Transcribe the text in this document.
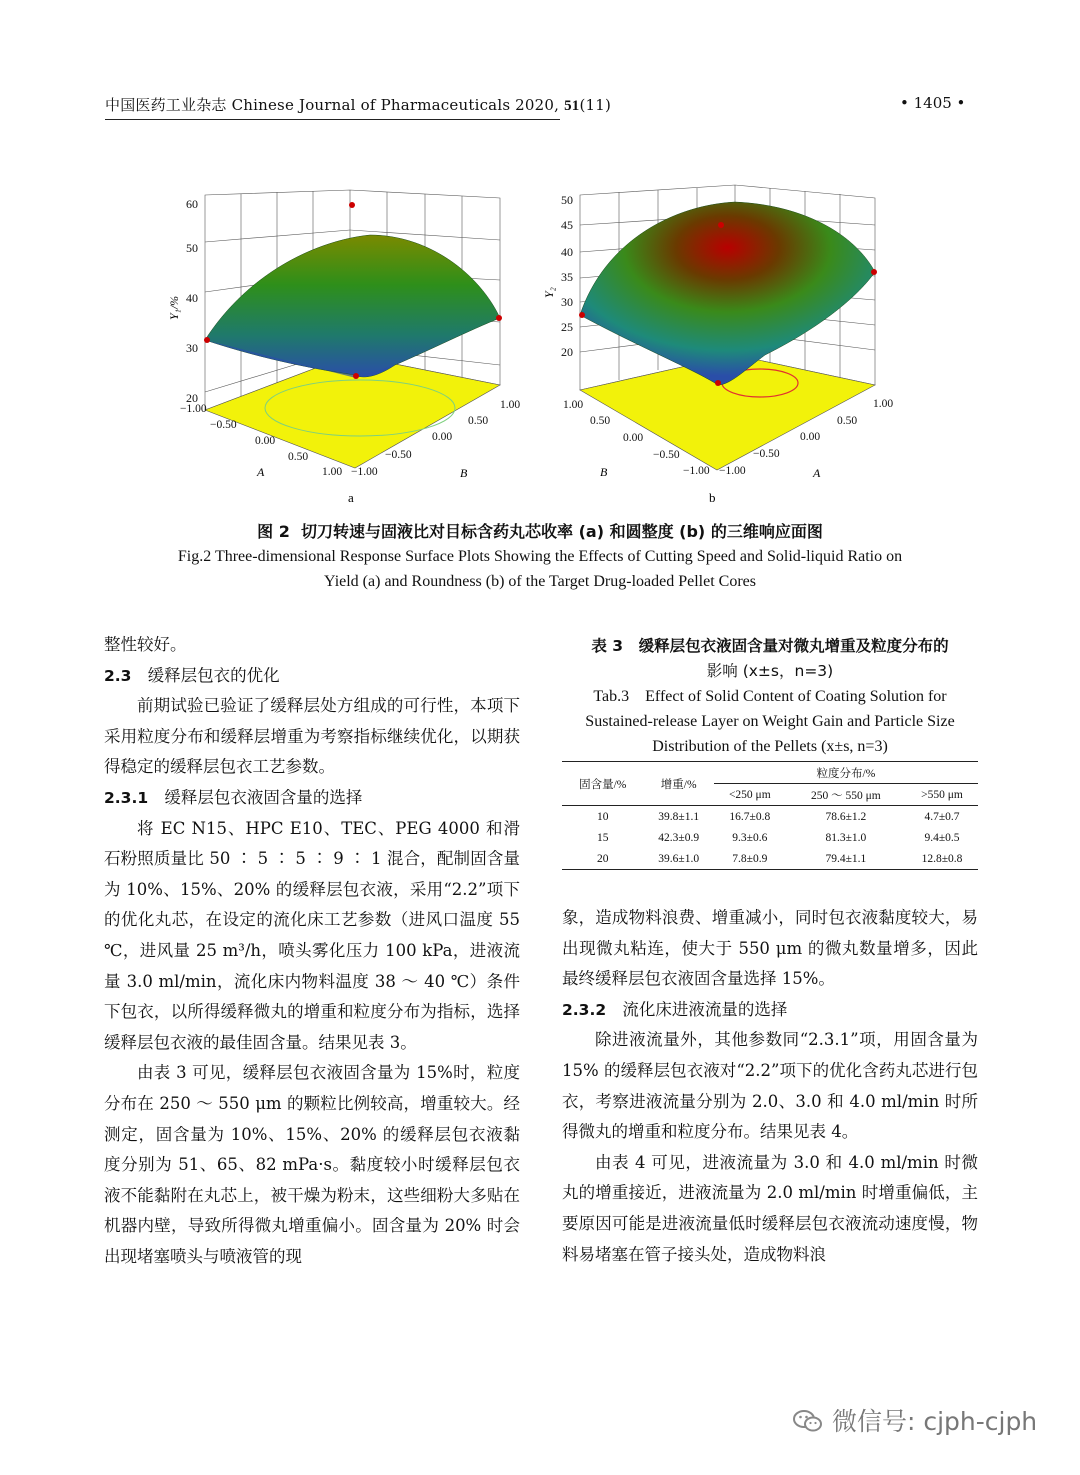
中国医药工业杂志 Chinese Journal of Pharmaceuticals 2020, 51(11)	• 1405 •
20
30
40
50
60
Y₁/%
−1.00
−0.50
0.00
0.50
1.00 −1.00
−0.50
0.00
0.50
1.00
A	B
a
20
25
30
35
40
45
50
Y₂
1.00
0.50
0.00
−0.50
−1.00 −1.00
−0.50
0.00
0.50
1.00
B	A
b
图 2 切刀转速与固液比对目标含药丸芯收率 (a) 和圆整度 (b) 的三维响应面图
Fig.2 Three-dimensional Response Surface Plots Showing the Effects of Cutting Speed and Solid-liquid Ratio on
Yield (a) and Roundness (b) of the Target Drug-loaded Pellet Cores

整性较好。

2.3 缓释层包衣的优化

前期试验已验证了缓释层处方组成的可行性，本项下采用粒度分布和缓释层增重为考察指标继续优化，以期获得稳定的缓释层包衣工艺参数。

2.3.1 缓释层包衣液固含量的选择

将 EC N15、HPC E10、TEC、PEG 4000 和滑石粉照质量比 50 ∶ 5 ∶ 5 ∶ 9 ∶ 1 混合，配制固含量为 10%、15%、20% 的缓释层包衣液，采用“2.2”项下的优化丸芯，在设定的流化床工艺参数（进风口温度 55 ℃，进风量 25 m³/h，喷头雾化压力 100 kPa，进液流量 3.0 ml/min，流化床内物料温度 38 ～ 40 ℃）条件下包衣，以所得缓释微丸的增重和粒度分布为指标，选择缓释层包衣液的最佳固含量。结果见表 3。

由表 3 可见，缓释层包衣液固含量为 15%时，粒度分布在 250 ～ 550 μm 的颗粒比例较高，增重较大。经测定，固含量为 10%、15%、20% 的缓释层包衣液黏度分别为 51、65、82 mPa·s。黏度较小时缓释层包衣液不能黏附在丸芯上，被干燥为粉末，这些细粉大多贴在机器内壁，导致所得微丸增重偏小。固含量为 20% 时会出现堵塞喷头与喷液管的现

表 3　缓释层包衣液固含量对微丸增重及粒度分布的
影响 (x±s，n=3)
Tab.3　Effect of Solid Content of Coating Solution for
Sustained-release Layer on Weight Gain and Particle Size
Distribution of the Pellets (x±s, n=3)
固含量/%	增重/%	粒度分布/%		
		<250 μm	250 ～ 550 μm	>550 μm
10	39.8±1.1	16.7±0.8	78.6±1.2	4.7±0.7
15	42.3±0.9	9.3±0.6	81.3±1.0	9.4±0.5
20	39.6±1.0	7.8±0.9	79.4±1.1	12.8±0.8

象，造成物料浪费、增重减小，同时包衣液黏度较大，易出现微丸粘连，使大于 550 μm 的微丸数量增多，因此最终缓释层包衣液固含量选择 15%。

2.3.2 流化床进液流量的选择

除进液流量外，其他参数同“2.3.1”项，用固含量为 15% 的缓释层包衣液对“2.2”项下的优化含药丸芯进行包衣，考察进液流量分别为 2.0、3.0 和 4.0 ml/min 时所得微丸的增重和粒度分布。结果见表 4。

由表 4 可见，进液流量为 3.0 和 4.0 ml/min 时微丸的增重接近，进液流量为 2.0 ml/min 时增重偏低，主要原因可能是进液流量低时缓释层包衣液流动速度慢，物料易堵塞在管子接头处，造成物料浪

微信号: cjph-cjph
